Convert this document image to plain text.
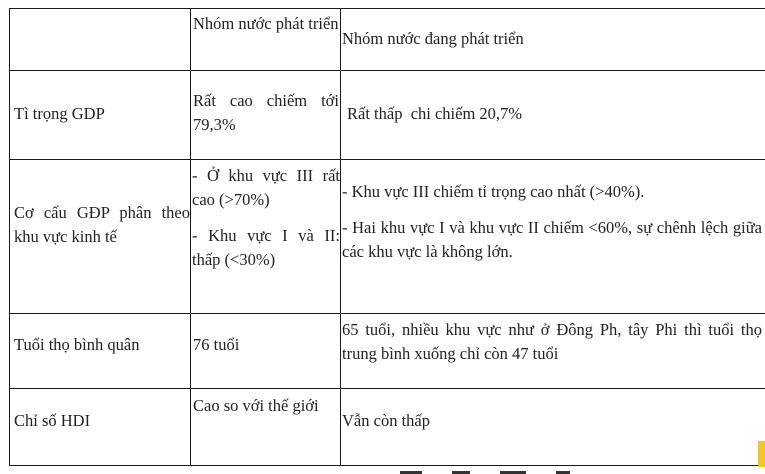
Nhóm nước phát triển

Nhóm nước đang phát triển

Tì trọng GDP

Rất cao chiếm tới 79,3%

Rất thấp  chi chiếm 20,7%

Cơ cấu GĐP phân theo khu vực kinh tế

- Ở khu vực III rất cao (>70%)

- Khu vực I và II: thấp (<30%)

- Khu vực III chiếm tỉ trọng cao nhất (>40%).

- Hai khu vực I và khu vực II chiếm <60%, sự chênh lệch giữa các khu vực là không lớn.

Tuổi thọ bình quân	76 tuổi

65 tuổi, nhiều khu vực như ở Đông Ph, tây Phi thì tuổi thọ trung bình xuống chỉ còn 47 tuổi

Chỉ số HDI

Cao so với thế giới

Vẫn còn thấp
